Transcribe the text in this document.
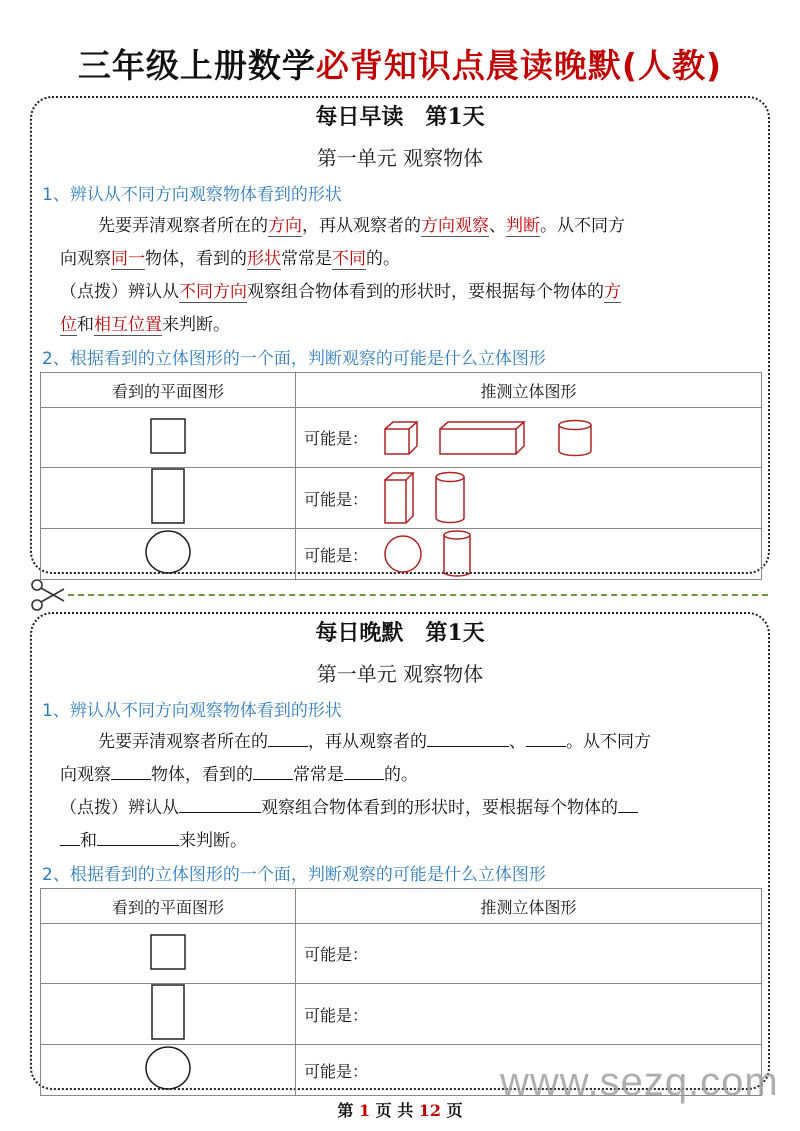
三年级上册数学必背知识点晨读晚默(人教)
每日早读　第1天
第一单元 观察物体
1、辨认从不同方向观察物体看到的形状
先要弄清观察者所在的方向，再从观察者的方向观察、判断。从不同方
向观察同一物体，看到的形状常常是不同的。
（点拨）辨认从不同方向观察组合物体看到的形状时，要根据每个物体的方
位和相互位置来判断。
2、根据看到的立体图形的一个面，判断观察的可能是什么立体图形
看到的平面图形	推测立体图形
	可能是：
	可能是：
	可能是：
每日晚默　第1天
第一单元 观察物体
1、辨认从不同方向观察物体看到的形状
先要弄清观察者所在的 ，再从观察者的	、 。从不同方
向观察 物体，看到的 常常是 的。
（点拨）辨认从	观察组合物体看到的形状时，要根据每个物体的
和	来判断。
2、根据看到的立体图形的一个面，判断观察的可能是什么立体图形
看到的平面图形	推测立体图形
	可能是：
	可能是：
	可能是：	www.sezq.com
第 1 页 共 12 页
